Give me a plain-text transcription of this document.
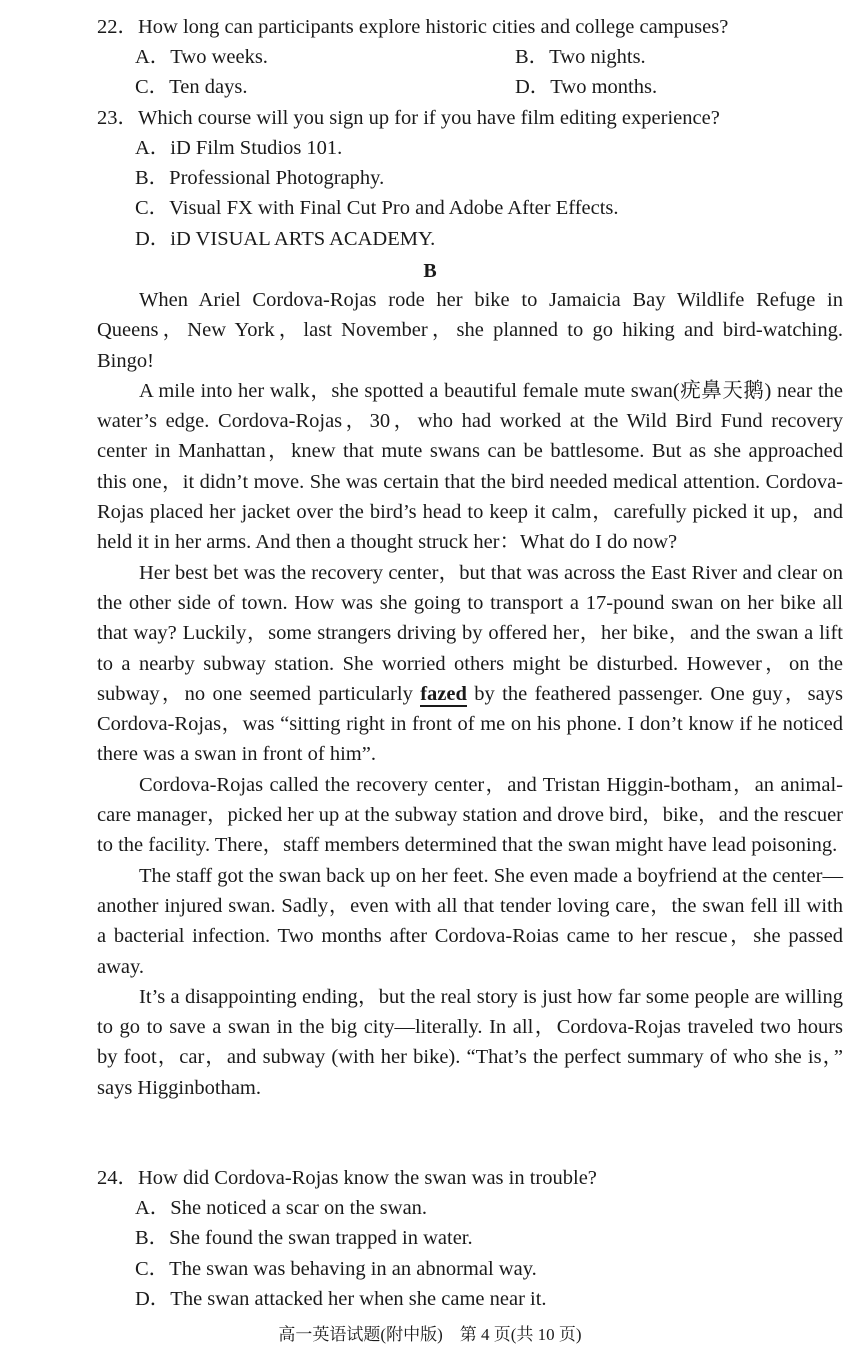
22．How long can participants explore historic cities and college campuses?
A．Two weeks.	B．Two nights.
C．Ten days.	D．Two months.
23．Which course will you sign up for if you have film editing experience?
A．iD Film Studios 101.
B．Professional Photography.
C．Visual FX with Final Cut Pro and Adobe After Effects.
D．iD VISUAL ARTS ACADEMY.
B

When Ariel Cordova-Rojas rode her bike to Jamaicia Bay Wildlife Refuge in Queens，New York，last November，she planned to go hiking and bird-watching. Bingo!

A mile into her walk，she spotted a beautiful female mute swan(疣鼻天鹅) near the water’s edge. Cordova-Rojas，30，who had worked at the Wild Bird Fund recovery center in Manhattan，knew that mute swans can be battlesome. But as she approached this one，it didn’t move. She was certain that the bird needed medical attention. Cordova-Rojas placed her jacket over the bird’s head to keep it calm，carefully picked it up，and held it in her arms. And then a thought struck her：What do I do now?

Her best bet was the recovery center，but that was across the East River and clear on the other side of town. How was she going to transport a 17-pound swan on her bike all that way? Luckily，some strangers driving by offered her，her bike，and the swan a lift to a nearby subway station. She worried others might be disturbed. However，on the subway，no one seemed particularly fazed by the feathered passenger. One guy，says Cordova-Rojas，was “sitting right in front of me on his phone. I don’t know if he noticed there was a swan in front of him”.

Cordova-Rojas called the recovery center，and Tristan Higgin-botham，an animal-care manager，picked her up at the subway station and drove bird，bike，and the rescuer to the facility. There，staff members determined that the swan might have lead poisoning.

The staff got the swan back up on her feet. She even made a boyfriend at the center—another injured swan. Sadly，even with all that tender loving care，the swan fell ill with a bacterial infection. Two months after Cordova-Roias came to her rescue，she passed away.

It’s a disappointing ending，but the real story is just how far some people are willing to go to save a swan in the big city—literally. In all，Cordova-Rojas traveled two hours by foot，car，and subway (with her bike). “That’s the perfect summary of who she is，” says Higginbotham.

24．How did Cordova-Rojas know the swan was in trouble?
A．She noticed a scar on the swan.
B．She found the swan trapped in water.
C．The swan was behaving in an abnormal way.
D．The swan attacked her when she came near it.
高一英语试题(附中版)　第 4 页(共 10 页)
